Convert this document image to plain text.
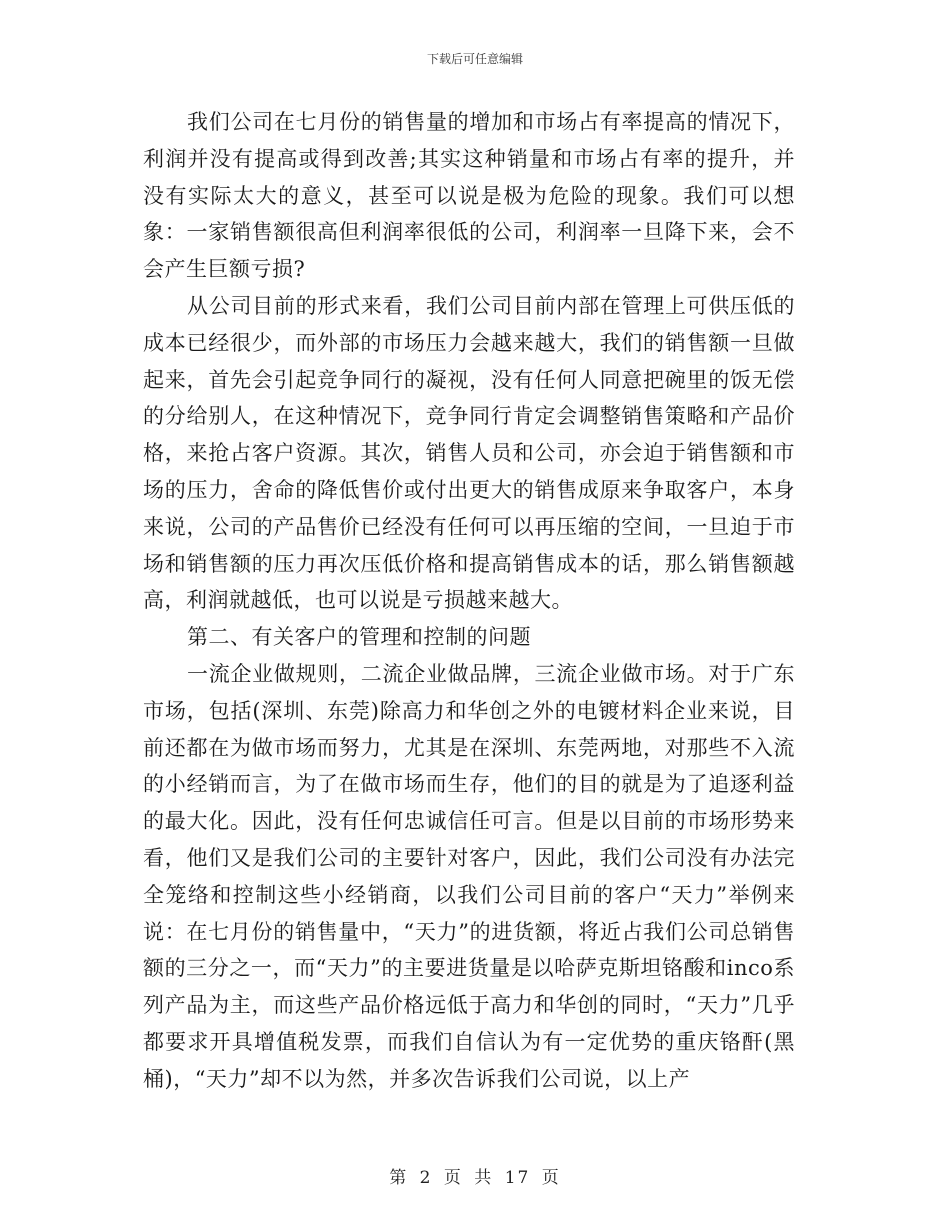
下载后可任意编辑

我们公司在七月份的销售量的增加和市场占有率提高的情况下，利润并没有提高或得到改善;其实这种销量和市场占有率的提升，并没有实际太大的意义，甚至可以说是极为危险的现象。我们可以想象：一家销售额很高但利润率很低的公司，利润率一旦降下来，会不会产生巨额亏损?

从公司目前的形式来看，我们公司目前内部在管理上可供压低的成本已经很少，而外部的市场压力会越来越大，我们的销售额一旦做起来，首先会引起竞争同行的凝视，没有任何人同意把碗里的饭无偿的分给别人，在这种情况下，竞争同行肯定会调整销售策略和产品价格，来抢占客户资源。其次，销售人员和公司，亦会迫于销售额和市场的压力，舍命的降低售价或付出更大的销售成原来争取客户，本身来说，公司的产品售价已经没有任何可以再压缩的空间，一旦迫于市场和销售额的压力再次压低价格和提高销售成本的话，那么销售额越高，利润就越低，也可以说是亏损越来越大。

第二、有关客户的管理和控制的问题

一流企业做规则，二流企业做品牌，三流企业做市场。对于广东市场，包括(深圳、东莞)除高力和华创之外的电镀材料企业来说，目前还都在为做市场而努力，尤其是在深圳、东莞两地，对那些不入流的小经销而言，为了在做市场而生存，他们的目的就是为了追逐利益的最大化。因此，没有任何忠诚信任可言。但是以目前的市场形势来看，他们又是我们公司的主要针对客户，因此，我们公司没有办法完全笼络和控制这些小经销商，以我们公司目前的客户“天力”举例来说：在七月份的销售量中，“天力”的进货额，将近占我们公司总销售额的三分之一，而“天力”的主要进货量是以哈萨克斯坦铬酸和inco系列产品为主，而这些产品价格远低于高力和华创的同时，“天力”几乎都要求开具增值税发票，而我们自信认为有一定优势的重庆铬酐(黑桶)，“天力”却不以为然，并多次告诉我们公司说，以上产

第 2 页 共 17 页
